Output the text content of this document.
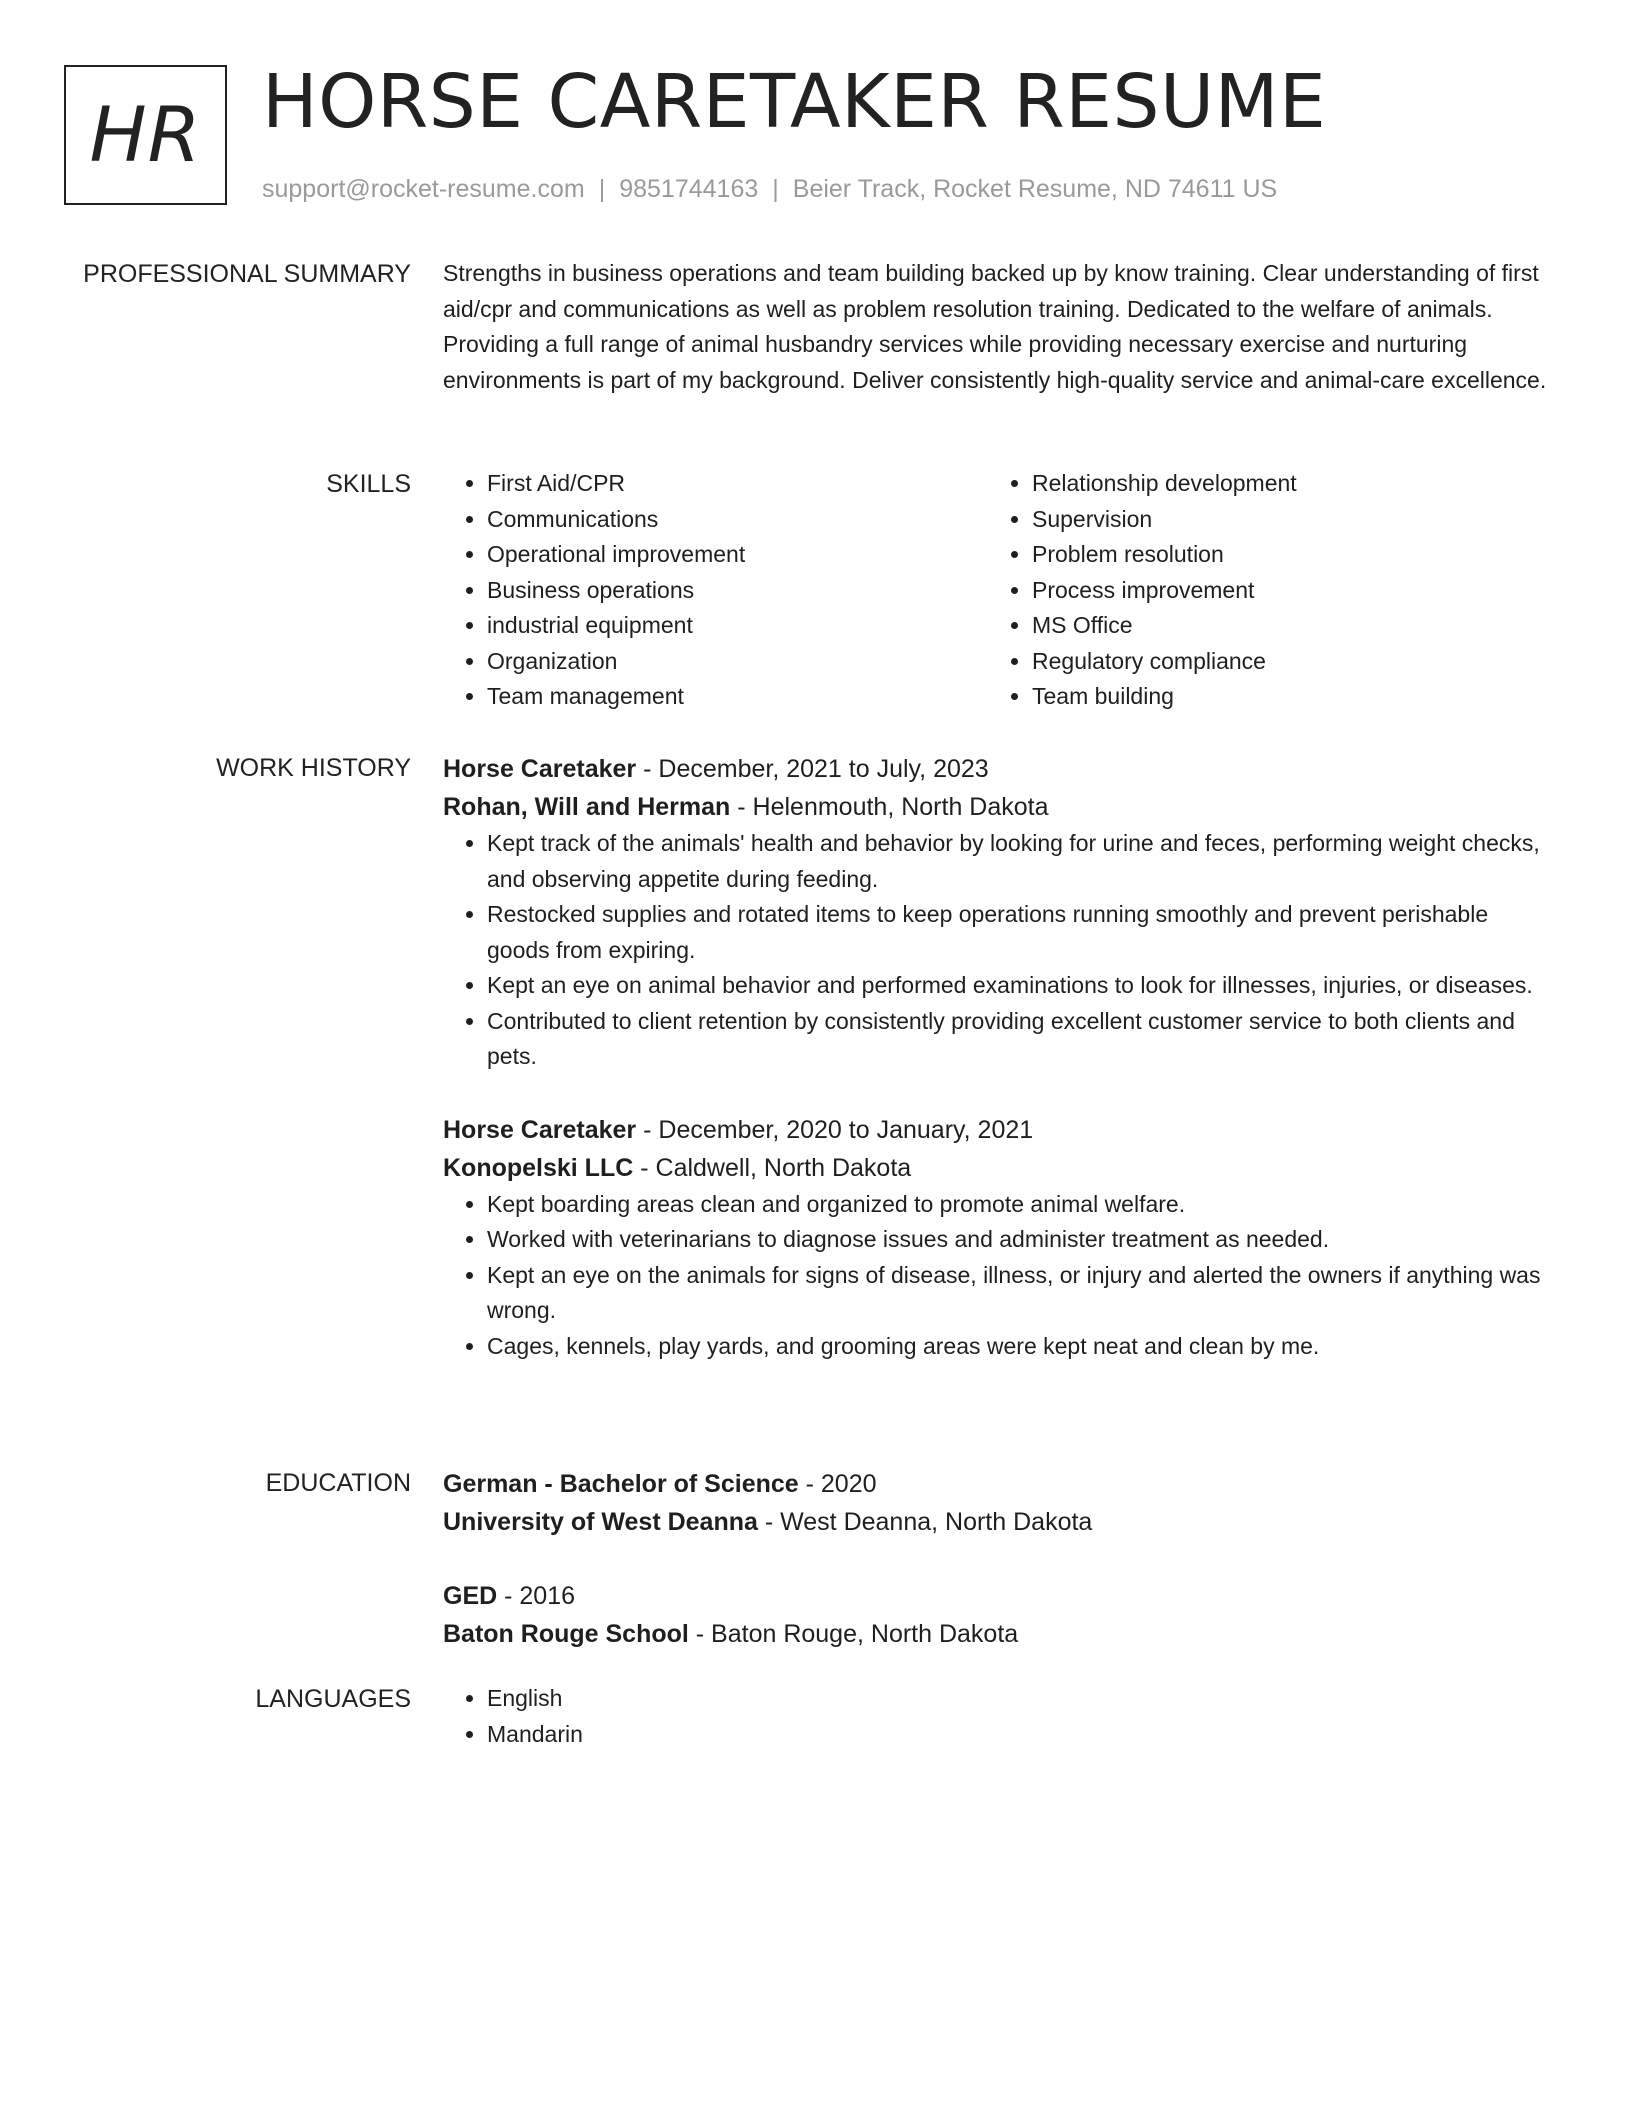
HR HORSE CARETAKER RESUME
support@rocket-resume.com | 9851744163 | Beier Track, Rocket Resume, ND 74611 US
PROFESSIONAL SUMMARY Strengths in business operations and team building backed up by know training. Clear understanding of first aid/cpr and communications as well as problem resolution training. Dedicated to the welfare of animals. Providing a full range of animal husbandry services while providing necessary exercise and nurturing environments is part of my background. Deliver consistently high-quality service and animal-care excellence.

SKILLS	• First Aid/CPR
• Communications
• Operational improvement
• Business operations
• industrial equipment
• Organization
• Team management
• Relationship development
• Supervision
• Problem resolution
• Process improvement
• MS Office
• Regulatory compliance
• Team building
WORK HISTORY Horse Caretaker - December, 2021 to July, 2023
Rohan, Will and Herman - Helenmouth, North Dakota
• Kept track of the animals' health and behavior by looking for urine and feces, performing weight checks, and observing appetite during feeding.
• Restocked supplies and rotated items to keep operations running smoothly and prevent perishable goods from expiring.
• Kept an eye on animal behavior and performed examinations to look for illnesses, injuries, or diseases.
• Contributed to client retention by consistently providing excellent customer service to both clients and pets.
Horse Caretaker - December, 2020 to January, 2021
Konopelski LLC - Caldwell, North Dakota
• Kept boarding areas clean and organized to promote animal welfare.
• Worked with veterinarians to diagnose issues and administer treatment as needed.
• Kept an eye on the animals for signs of disease, illness, or injury and alerted the owners if anything was wrong.
• Cages, kennels, play yards, and grooming areas were kept neat and clean by me.
EDUCATION German - Bachelor of Science - 2020
University of West Deanna - West Deanna, North Dakota
GED - 2016
Baton Rouge School - Baton Rouge, North Dakota
LANGUAGES	• English
• Mandarin
